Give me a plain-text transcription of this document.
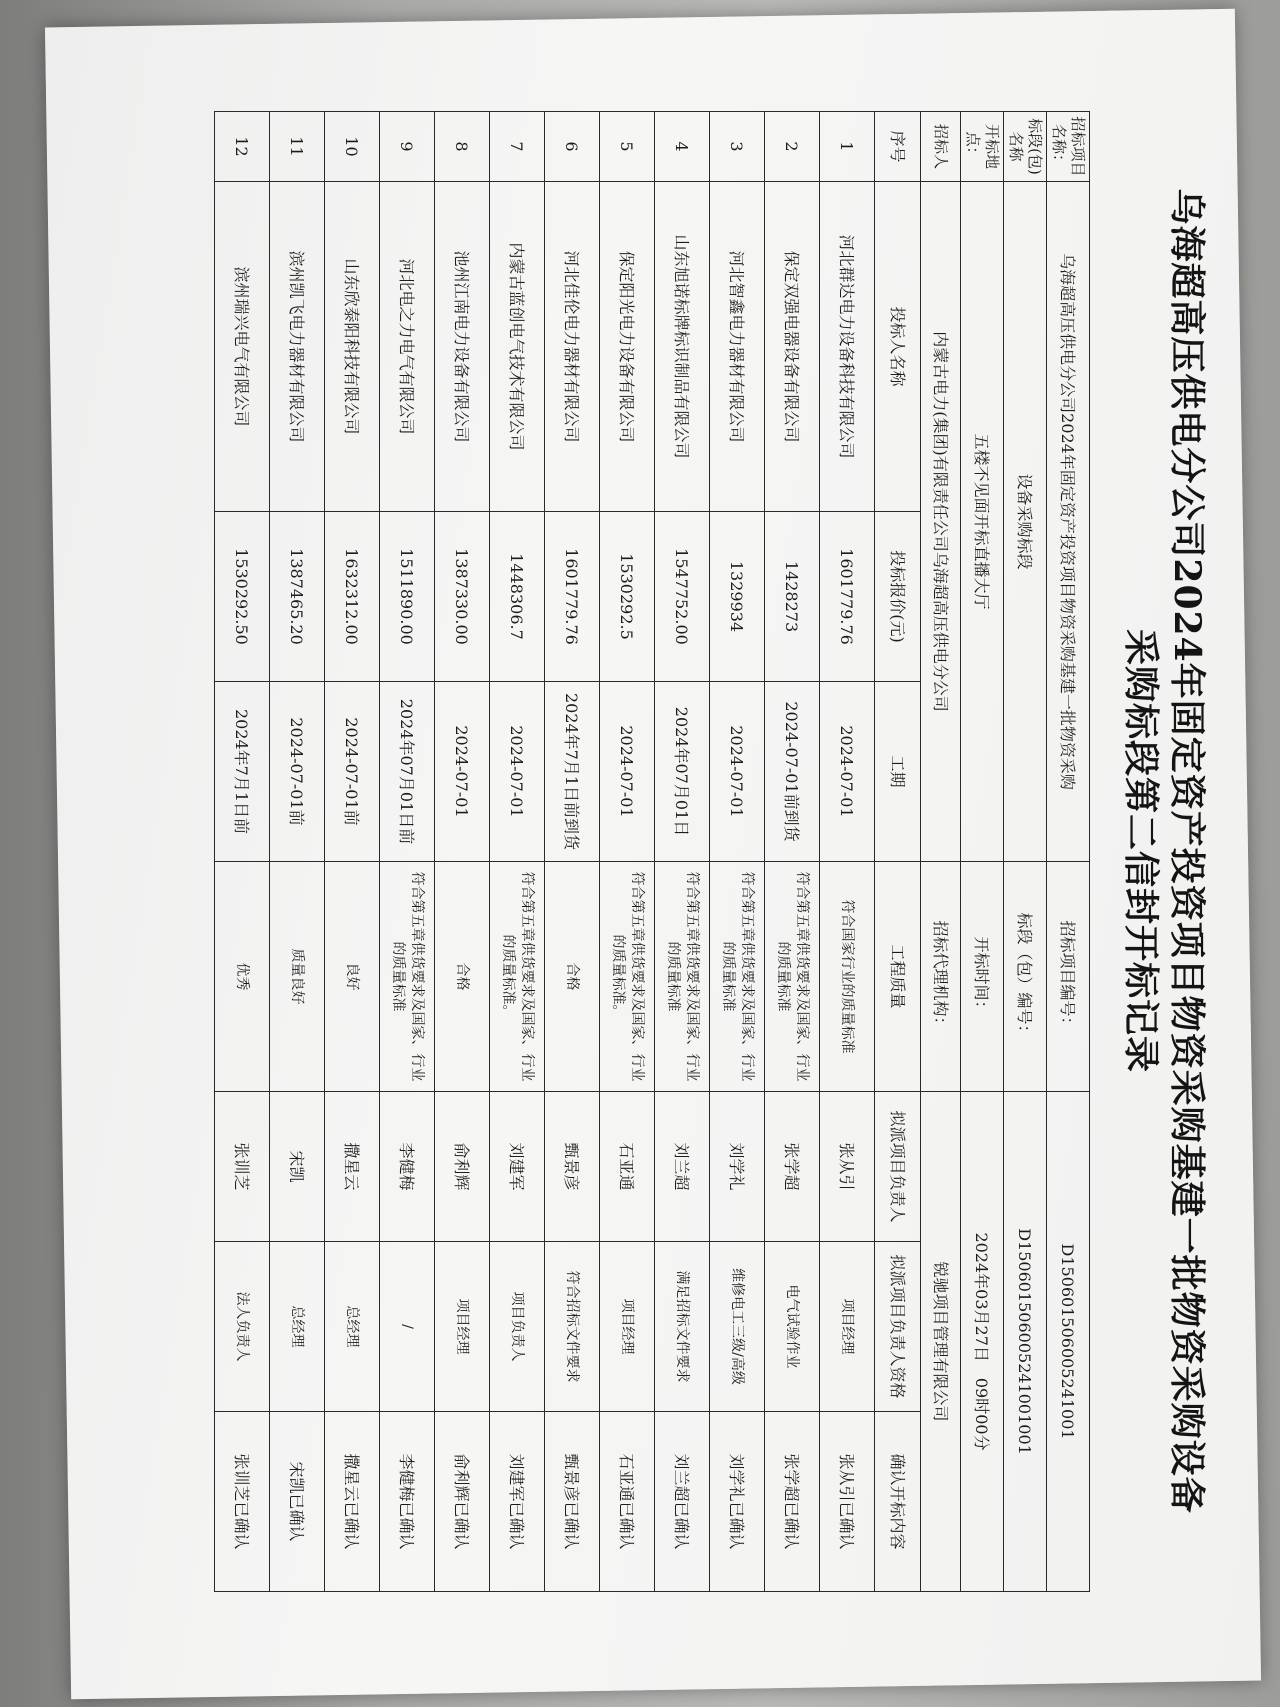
乌海超高压供电分公司2024年固定资产投资项目物资采购基建一批物资采购设备
采购标段第二信封开标记录
招标项目名称：	乌海超高压供电分公司2024年固定资产投资项目物资采购基建一批物资采购			招标项目编号：	D150601506005241001		
标段(包)名称	设备采购标段			标段（包）编号：	D150601506005241001001		
开标地点：	五楼不见面开标直播大厅			开标时间：	2024年03月27日　09时00分		
招标人	内蒙古电力(集团)有限责任公司乌海超高压供电分公司			招标代理机构：	锐驰项目管理有限公司		
序号	投标人名称	投标报价(元)	工期	工程质量	拟派项目负责人	拟派项目负责人资格	确认开标内容
1	河北群达电力设备科技有限公司	1601779.76	2024-07-01	符合国家行业的质量标准	张从引	项目经理	张从引已确认
2	保定双强电器设备有限公司	1428273	2024-07-01前到货	符合第五章供货要求及国家、行业的质量标准	张学超	电气试验作业	张学超已确认
3	河北智鑫电力器材有限公司	1329934	2024-07-01	符合第五章供货要求及国家、行业的质量标准	刘学礼	维修电工三级/高级	刘学礼已确认
4	山东旭诺标牌标识制品有限公司	1547752.00	2024年07月01日	符合第五章供货要求及国家、行业的质量标准	刘兰超	满足招标文件要求	刘兰超已确认
5	保定阳光电力设备有限公司	1530292.5	2024-07-01	符合第五章供货要求及国家、行业的质量标准。	石亚通	项目经理	石亚通已确认
6	河北佳伦电力器材有限公司	1601779.76	2024年7月1日前到货	合格	甄景彦	符合招标文件要求	甄景彦已确认
7	内蒙古蓝创电气技术有限公司	1448306.7	2024-07-01	符合第五章供货要求及国家、行业的质量标准。	刘建军	项目负责人	刘建军已确认
8	池州江南电力设备有限公司	1387330.00	2024-07-01	合格	俞利辉	项目经理	俞利辉已确认
9	河北电之力电气有限公司	1511890.00	2024年07月01日前	符合第五章供货要求及国家、行业的质量标准	李健梅	/	李健梅已确认
10	山东欣泰阳科技有限公司	1632312.00	2024-07-01前	良好	撒星云	总经理	撒星云已确认
11	滨州凯飞电力器材有限公司	1387465.20	2024-07-01前	质量良好	宋凯	总经理	宋凯已确认
12	滨州瑞兴电气有限公司	1530292.50	2024年7月1日前	优秀	张训芝	法人负责人	张训芝已确认
